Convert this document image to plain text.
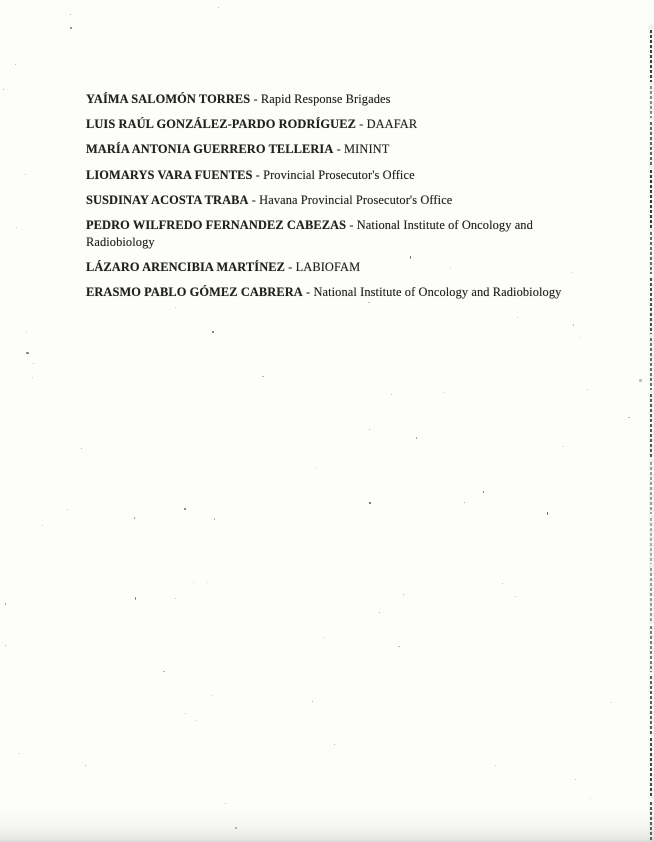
YAÍMA SALOMÓN TORRES - Rapid Response Brigades

LUIS RAÚL GONZÁLEZ-PARDO RODRÍGUEZ - DAAFAR

MARÍA ANTONIA GUERRERO TELLERIA - MININT

LIOMARYS VARA FUENTES - Provincial Prosecutor's Office

SUSDINAY ACOSTA TRABA - Havana Provincial Prosecutor's Office

PEDRO WILFREDO FERNANDEZ CABEZAS - National Institute of Oncology and Radiobiology

LÁZARO ARENCIBIA MARTÍNEZ - LABIOFAM

ERASMO PABLO GÓMEZ CABRERA - National Institute of Oncology and Radiobiology
